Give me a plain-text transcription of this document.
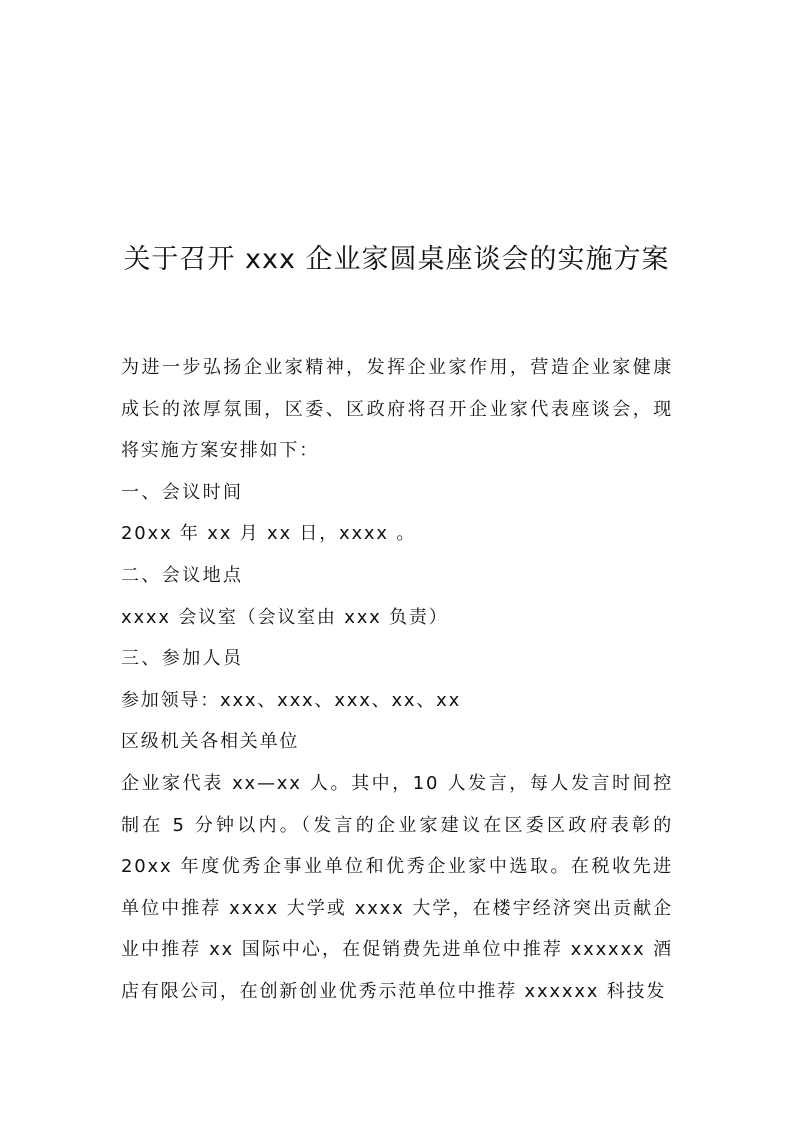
关于召开 xxx 企业家圆桌座谈会的实施方案

为进一步弘扬企业家精神，发挥企业家作用，营造企业家健康成长的浓厚氛围，区委、区政府将召开企业家代表座谈会，现将实施方案安排如下：

一、会议时间

20xx 年 xx 月 xx 日，xxxx 。

二、会议地点

xxxx 会议室（会议室由 xxx 负责）

三、参加人员

参加领导：xxx、xxx、xxx、xx、xx

区级机关各相关单位

企业家代表 xx—xx 人。其中，10 人发言，每人发言时间控制在 5 分钟以内。（发言的企业家建议在区委区政府表彰的 20xx 年度优秀企事业单位和优秀企业家中选取。在税收先进单位中推荐 xxxx 大学或 xxxx 大学，在楼宇经济突出贡献企业中推荐 xx 国际中心，在促销费先进单位中推荐 xxxxxx 酒店有限公司，在创新创业优秀示范单位中推荐 xxxxxx 科技发
